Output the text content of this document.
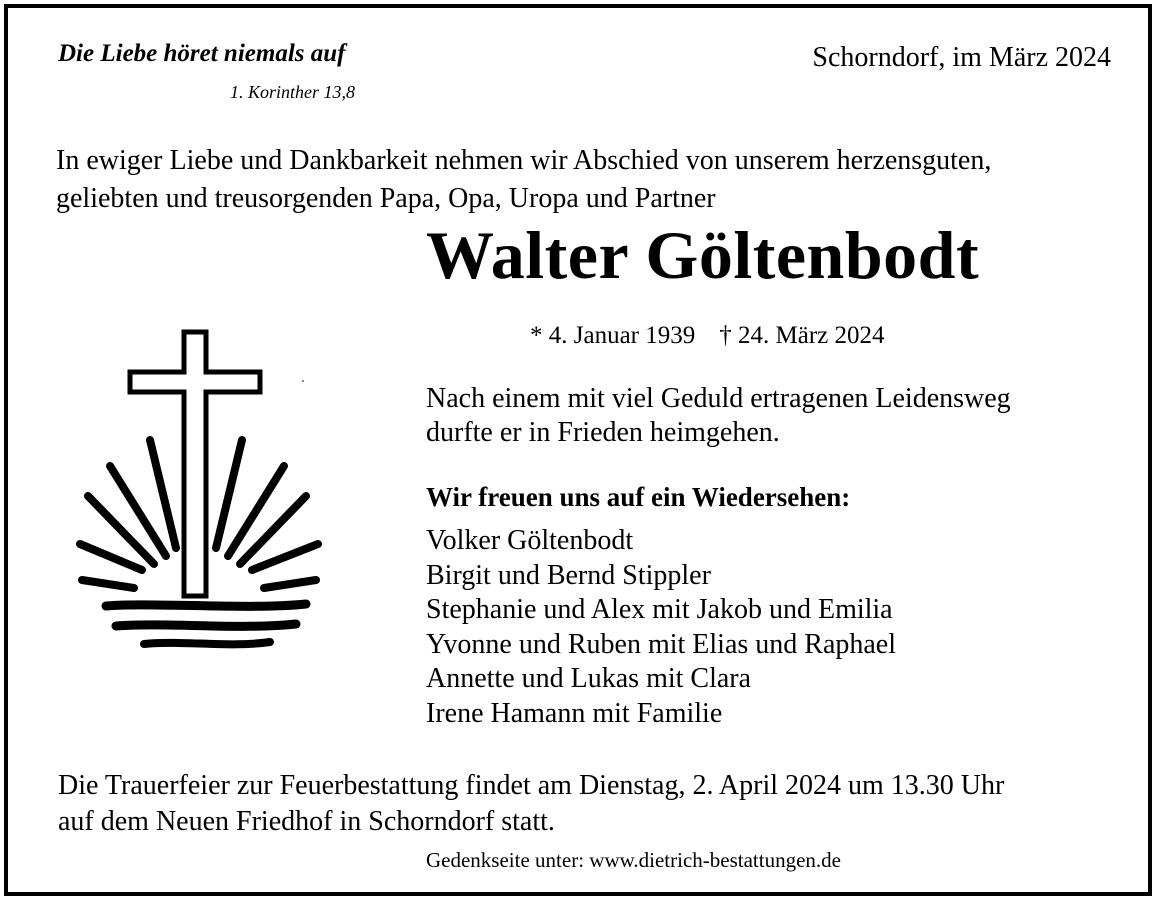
Die Liebe höret niemals auf
1. Korinther 13,8
Schorndorf, im März 2024
In ewiger Liebe und Dankbarkeit nehmen wir Abschied von unserem herzensguten,
geliebten und treusorgenden Papa, Opa, Uropa und Partner
Walter Göltenbodt
* 4. Januar 1939 † 24. März 2024
Nach einem mit viel Geduld ertragenen Leidensweg
durfte er in Frieden heimgehen.
Wir freuen uns auf ein Wiedersehen:
Volker Göltenbodt
Birgit und Bernd Stippler
Stephanie und Alex mit Jakob und Emilia
Yvonne und Ruben mit Elias und Raphael
Annette und Lukas mit Clara
Irene Hamann mit Familie
Die Trauerfeier zur Feuerbestattung findet am Dienstag, 2. April 2024 um 13.30 Uhr
auf dem Neuen Friedhof in Schorndorf statt.
Gedenkseite unter: www.dietrich-bestattungen.de
